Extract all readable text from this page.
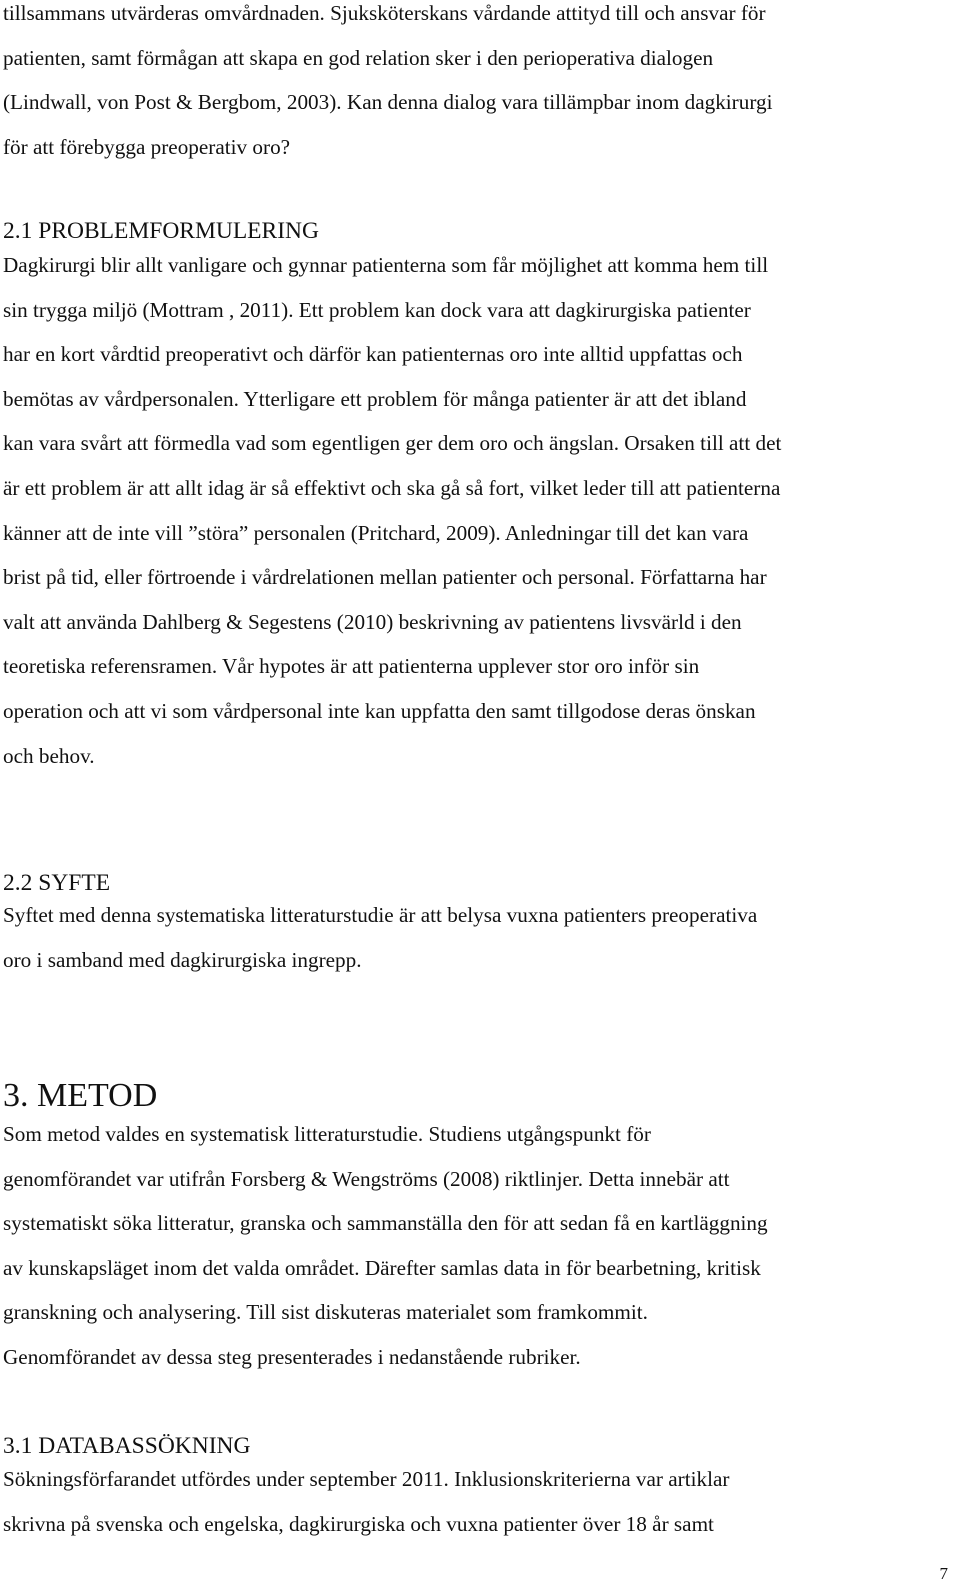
tillsammans utvärderas omvårdnaden. Sjuksköterskans vårdande attityd till och ansvar för
patienten, samt förmågan att skapa en god relation sker i den perioperativa dialogen
(Lindwall, von Post & Bergbom, 2003). Kan denna dialog vara tillämpbar inom dagkirurgi
för att förebygga preoperativ oro?
2.1 PROBLEMFORMULERING
Dagkirurgi blir allt vanligare och gynnar patienterna som får möjlighet att komma hem till
sin trygga miljö (Mottram , 2011). Ett problem kan dock vara att dagkirurgiska patienter
har en kort vårdtid preoperativt och därför kan patienternas oro inte alltid uppfattas och
bemötas av vårdpersonalen. Ytterligare ett problem för många patienter är att det ibland
kan vara svårt att förmedla vad som egentligen ger dem oro och ängslan. Orsaken till att det
är ett problem är att allt idag är så effektivt och ska gå så fort, vilket leder till att patienterna
känner att de inte vill ”störa” personalen (Pritchard, 2009). Anledningar till det kan vara
brist på tid, eller förtroende i vårdrelationen mellan patienter och personal. Författarna har
valt att använda Dahlberg & Segestens (2010) beskrivning av patientens livsvärld i den
teoretiska referensramen. Vår hypotes är att patienterna upplever stor oro inför sin
operation och att vi som vårdpersonal inte kan uppfatta den samt tillgodose deras önskan
och behov.
2.2 SYFTE
Syftet med denna systematiska litteraturstudie är att belysa vuxna patienters preoperativa
oro i samband med dagkirurgiska ingrepp.
3. METOD
Som metod valdes en systematisk litteraturstudie. Studiens utgångspunkt för
genomförandet var utifrån Forsberg & Wengströms (2008) riktlinjer. Detta innebär att
systematiskt söka litteratur, granska och sammanställa den för att sedan få en kartläggning
av kunskapsläget inom det valda området. Därefter samlas data in för bearbetning, kritisk
granskning och analysering. Till sist diskuteras materialet som framkommit.
Genomförandet av dessa steg presenterades i nedanstående rubriker.
3.1 DATABASSÖKNING
Sökningsförfarandet utfördes under september 2011. Inklusionskriterierna var artiklar
skrivna på svenska och engelska, dagkirurgiska och vuxna patienter över 18 år samt
7
